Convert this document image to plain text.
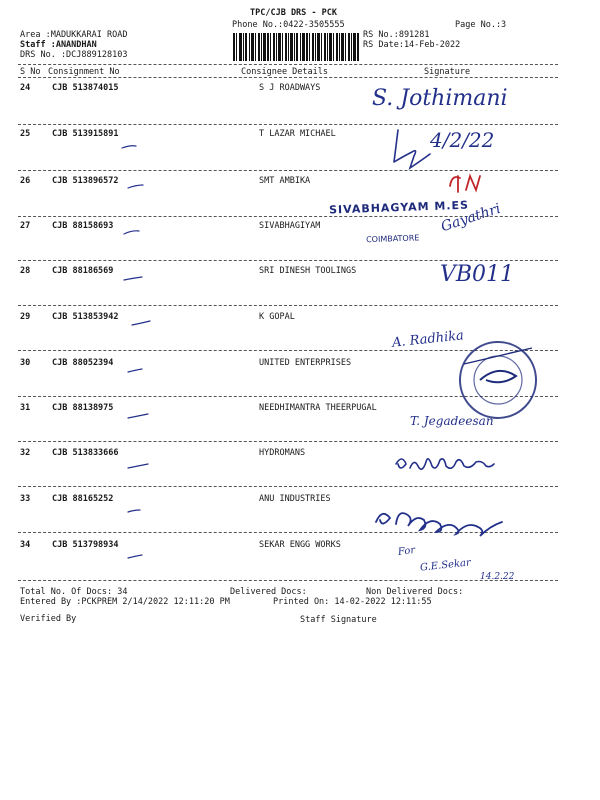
TPC/CJB DRS - PCK
Phone No.:0422-3505555	Page No.:3
Area :MADUKKARAI ROAD
Staff :ANANDHAN
DRS No. :DCJ889128103
RS No.:891281
RS Date:14-Feb-2022
S No Consignment No	Consignee Details	Signature
24	CJB 513874015	S J ROADWAYS
25	CJB 513915891	T LAZAR MICHAEL
26	CJB 513896572	SMT AMBIKA
27	CJB 88158693	SIVABHAGIYAM
28	CJB 88186569	SRI DINESH TOOLINGS
29	CJB 513853942	K GOPAL
30	CJB 88052394	UNITED ENTERPRISES
31	CJB 88138975	NEEDHIMANTRA THEERPUGAL
32	CJB 513833666	HYDROMANS
33	CJB 88165252	ANU INDUSTRIES
34	CJB 513798934	SEKAR ENGG WORKS
S. Jothimani
4/2/22
SIVABHAGYAM M.ES
COIMBATORE
Gayathri
VB011
A. Radhika
T. Jegadeesan
For
G.E.Sekar
14.2.22
Total No. Of Docs: 34	Delivered Docs:	Non Delivered Docs:
Entered By :PCKPREM 2/14/2022 12:11:20 PM	Printed On: 14-02-2022 12:11:55
Verified By	Staff Signature
